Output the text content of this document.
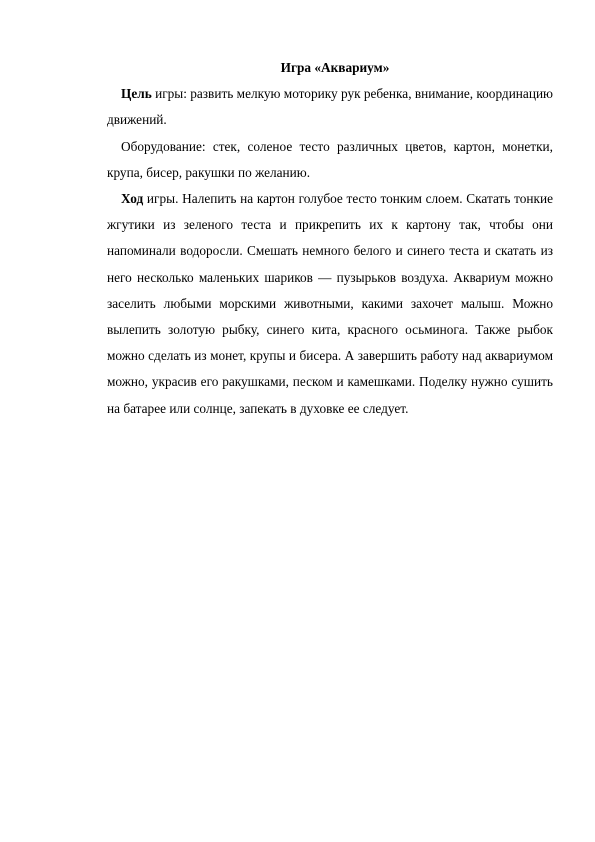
Игра «Аквариум»

Цель игры: развить мелкую моторику рук ребенка, внимание, координацию движений.

Оборудование: стек, соленое тесто различных цветов, картон, монетки, крупа, бисер, ракушки по желанию.

Ход игры. Налепить на картон голубое тесто тонким слоем. Скатать тонкие жгутики из зеленого теста и прикрепить их к картону так, чтобы они напоминали водоросли. Смешать немного белого и синего теста и скатать из него несколько маленьких шариков — пузырьков воздуха. Аквариум можно заселить любыми морскими животными, какими захочет малыш. Можно вылепить золотую рыбку, синего кита, красного осьминога. Также рыбок можно сделать из монет, крупы и бисера. А завершить работу над аквариумом можно, украсив его ракушками, песком и камешками. Поделку нужно сушить на батарее или солнце, запекать в духовке ее следует.
